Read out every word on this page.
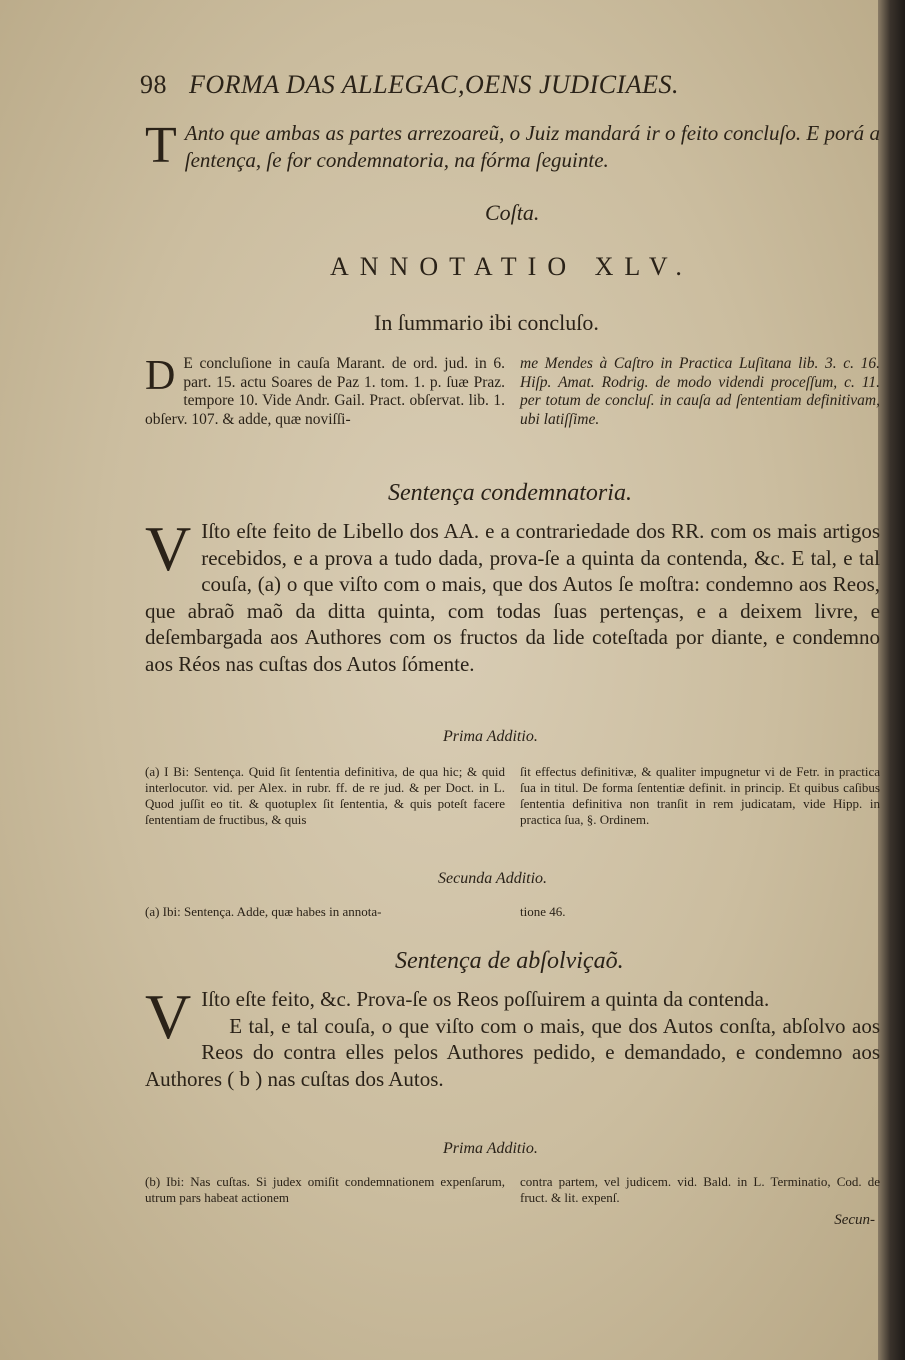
98 FORMA DAS ALLEGAC,OENS JUDICIAES.
T Anto que ambas as partes arrezoareũ, o Juiz mandará ir o feito concluſo. E porá a ſentença, ſe for condemnatoria, na fórma ſeguinte.
Coſta.
ANNOTATIO XLV.
In ſummario ibi concluſo.
D E concluſione in cauſa Marant. de ord. jud. in 6. part. 15. actu Soares de Paz 1. tom. 1. p. ſuæ Praz. tempore 10. Vide Andr. Gail. Pract. obſervat. lib. 1. obſerv. 107. & adde, quæ noviſſi-
me Mendes à Caſtro in Practica Luſitana lib. 3. c. 16. Hiſp. Amat. Rodrig. de modo videndi proceſſum, c. 11. per totum de concluſ. in cauſa ad ſententiam definitivam, ubi latiſſime.
Sentença condemnatoria.
V Iſto eſte feito de Libello dos AA. e a contrariedade dos RR. com os mais artigos recebidos, e a prova a tudo dada, prova-ſe a quinta da contenda, &c. E tal, e tal couſa, (a) o que viſto com o mais, que dos Autos ſe moſtra: condemno aos Reos, que abraõ maõ da ditta quinta, com todas ſuas pertenças, e a deixem livre, e deſembargada aos Authores com os fructos da lide coteſtada por diante, e condemno aos Réos nas cuſtas dos Autos ſómente.
Prima Additio.
(a) I Bi: Sentença. Quid ſit ſententia definitiva, de qua hic; & quid interlocutor. vid. per Alex. in rubr. ff. de re jud. & per Doct. in L. Quod juſſit eo tit. & quotuplex ſit ſententia, & quis poteſt facere ſententiam de fructibus, & quis
ſit effectus definitivæ, & qualiter impugnetur vi de Fetr. in practica ſua in titul. De forma ſententiæ definit. in princip. Et quibus caſibus ſententia definitiva non tranſit in rem judicatam, vide Hipp. in practica ſua, §. Ordinem.
Secunda Additio.
(a) Ibi: Sentença. Adde, quæ habes in annota-	tione 46.
Sentença de abſolviçaõ.
V Iſto eſte feito, &c. Prova-ſe os Reos poſſuirem a quinta da contenda.
E tal, e tal couſa, o que viſto com o mais, que dos Autos conſta, abſolvo aos Reos do contra elles pelos Authores pedido, e demandado, e condemno aos Authores ( b ) nas cuſtas dos Autos.
Prima Additio.
(b) Ibi: Nas cuſtas. Si judex omiſit condemnationem expenſarum, utrum pars habeat actionem
contra partem, vel judicem. vid. Bald. in L. Terminatio, Cod. de fruct. & lit. expenſ.
Secun-
